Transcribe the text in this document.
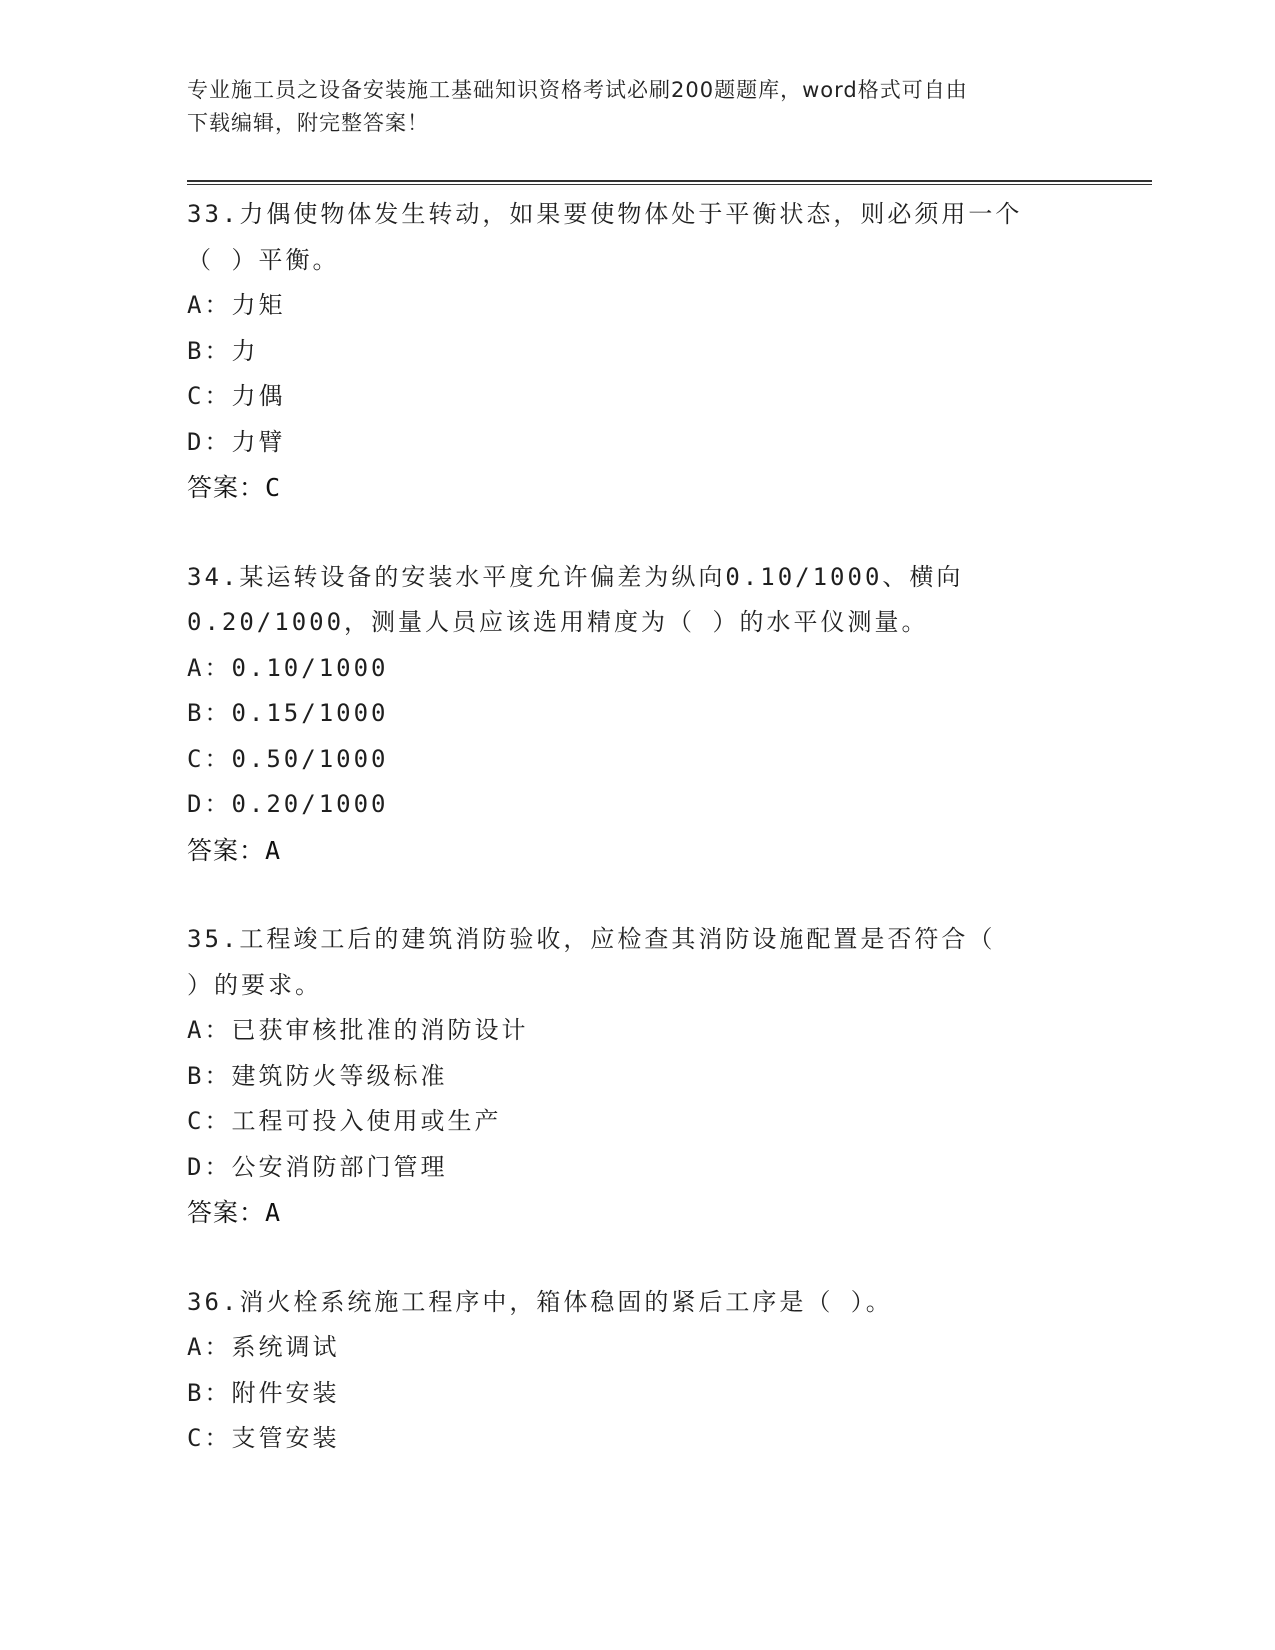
专业施工员之设备安装施工基础知识资格考试必刷200题题库，word格式可自由
下载编辑，附完整答案！
33.力偶使物体发生转动，如果要使物体处于平衡状态，则必须用一个
（ ）平衡。
A：力矩
B：力
C：力偶
D：力臂
答案：C
34.某运转设备的安装水平度允许偏差为纵向0.10/1000、横向
0.20/1000，测量人员应该选用精度为（ ）的水平仪测量。
A：0.10/1000
B：0.15/1000
C：0.50/1000
D：0.20/1000
答案：A
35.工程竣工后的建筑消防验收，应检查其消防设施配置是否符合（
）的要求。
A：已获审核批准的消防设计
B：建筑防火等级标准
C：工程可投入使用或生产
D：公安消防部门管理
答案：A
36.消火栓系统施工程序中，箱体稳固的紧后工序是（ ）。
A：系统调试
B：附件安装
C：支管安装
